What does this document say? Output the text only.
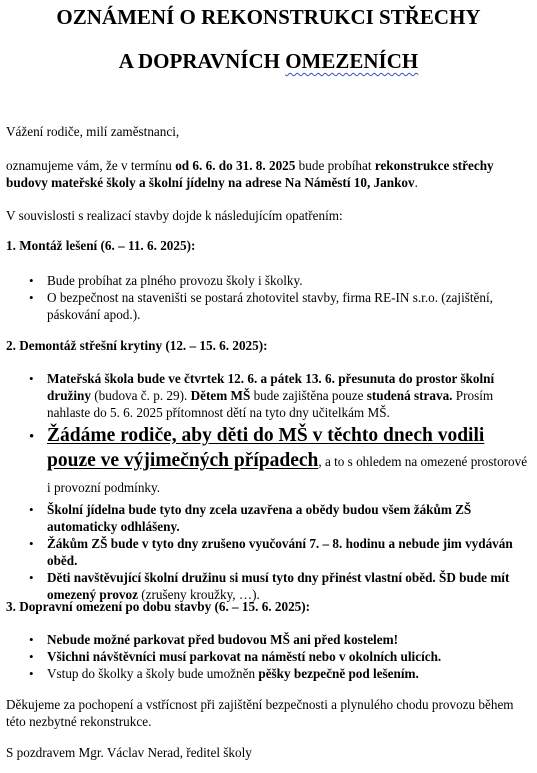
OZNÁMENÍ O REKONSTRUKCI STŘECHY
A DOPRAVNÍCH OMEZENÍCH
Vážení rodiče, milí zaměstnanci,
oznamujeme vám, že v termínu od 6. 6. do 31. 8. 2025 bude probíhat rekonstrukce střechy budovy mateřské školy a školní jídelny na adrese Na Náměstí 10, Jankov.
V souvislosti s realizací stavby dojde k následujícím opatřením:
1. Montáž lešení (6. – 11. 6. 2025):
• Bude probíhat za plného provozu školy i školky.
• O bezpečnost na staveništi se postará zhotovitel stavby, firma RE-IN s.r.o. (zajištění, páskování apod.).
2. Demontáž střešní krytiny (12. – 15. 6. 2025):
• Mateřská škola bude ve čtvrtek 12. 6. a pátek 13. 6. přesunuta do prostor školní družiny (budova č. p. 29). Dětem MŠ bude zajištěna pouze studená strava. Prosím nahlaste do 5. 6. 2025 přítomnost dětí na tyto dny učitelkám MŠ.
• Žádáme rodiče, aby děti do MŠ v těchto dnech vodili pouze ve výjimečných případech, a to s ohledem na omezené prostorové i provozní podmínky.
• Školní jídelna bude tyto dny zcela uzavřena a obědy budou všem žákům ZŠ automaticky odhlášeny.
• Žákům ZŠ bude v tyto dny zrušeno vyučování 7. – 8. hodinu a nebude jim vydáván oběd.
• Děti navštěvující školní družinu si musí tyto dny přinést vlastní oběd. ŠD bude mít omezený provoz (zrušeny kroužky, …).
3. Dopravní omezení po dobu stavby (6. – 15. 6. 2025):
• Nebude možné parkovat před budovou MŠ ani před kostelem!
• Všichni návštěvníci musí parkovat na náměstí nebo v okolních ulicích.
• Vstup do školky a školy bude umožněn pěšky bezpečně pod lešením.
Děkujeme za pochopení a vstřícnost při zajištění bezpečnosti a plynulého chodu provozu během této nezbytné rekonstrukce.
S pozdravem Mgr. Václav Nerad, ředitel školy
